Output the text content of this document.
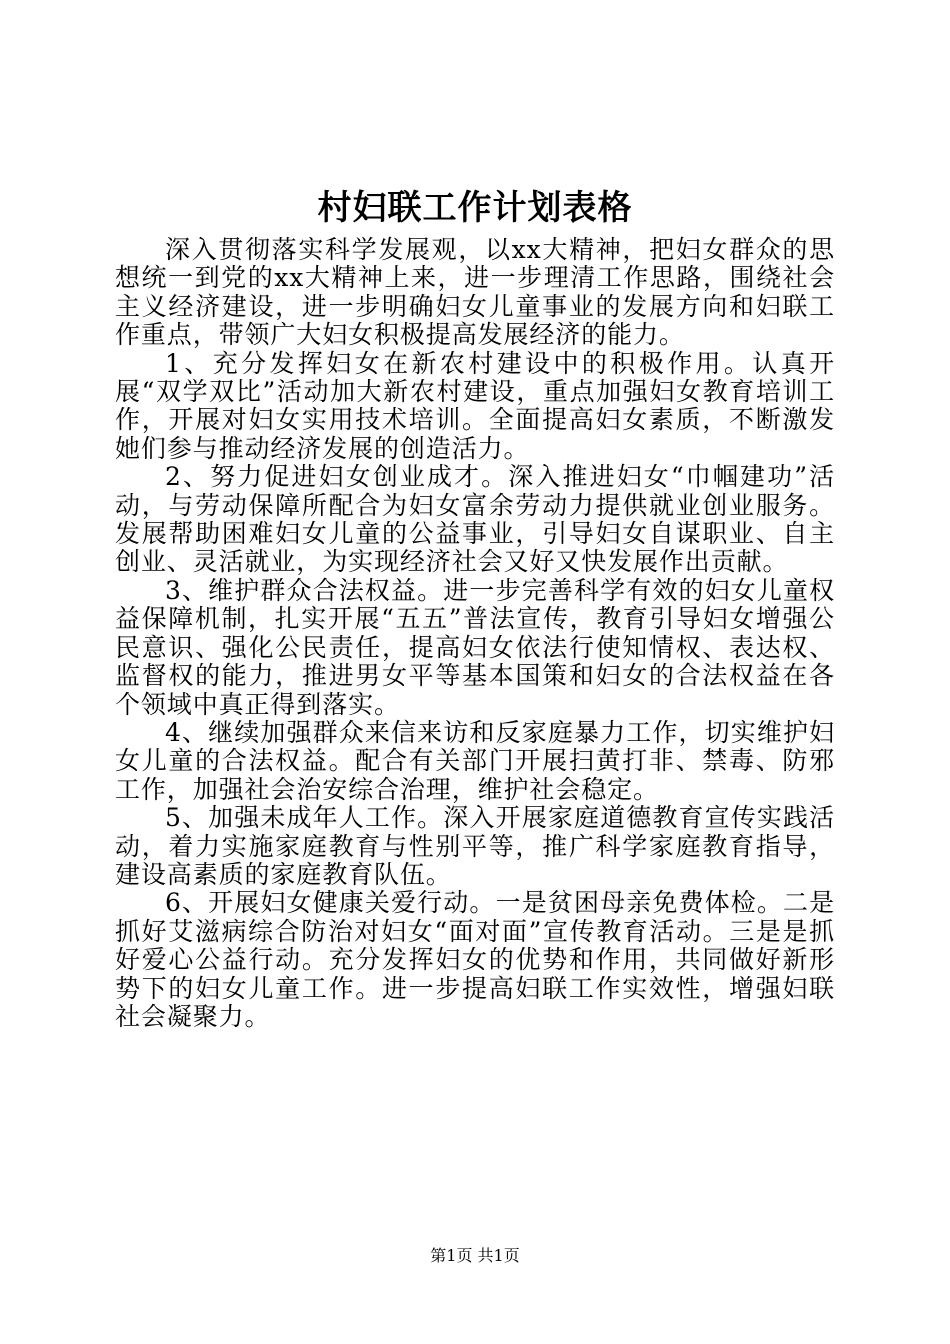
村妇联工作计划表格

深入贯彻落实科学发展观，以xx大精神，把妇女群众的思想统一到党的xx大精神上来，进一步理清工作思路，围绕社会主义经济建设，进一步明确妇女儿童事业的发展方向和妇联工作重点，带领广大妇女积极提高发展经济的能力。

1、充分发挥妇女在新农村建设中的积极作用。认真开展“双学双比”活动加大新农村建设，重点加强妇女教育培训工作，开展对妇女实用技术培训。全面提高妇女素质，不断激发她们参与推动经济发展的创造活力。

2、努力促进妇女创业成才。深入推进妇女“巾帼建功”活动，与劳动保障所配合为妇女富余劳动力提供就业创业服务。发展帮助困难妇女儿童的公益事业，引导妇女自谋职业、自主创业、灵活就业，为实现经济社会又好又快发展作出贡献。

3、维护群众合法权益。进一步完善科学有效的妇女儿童权益保障机制，扎实开展“五五”普法宣传，教育引导妇女增强公民意识、强化公民责任，提高妇女依法行使知情权、表达权、监督权的能力，推进男女平等基本国策和妇女的合法权益在各个领域中真正得到落实。

4、继续加强群众来信来访和反家庭暴力工作，切实维护妇女儿童的合法权益。配合有关部门开展扫黄打非、禁毒、防邪工作，加强社会治安综合治理，维护社会稳定。

5、加强未成年人工作。深入开展家庭道德教育宣传实践活动，着力实施家庭教育与性别平等，推广科学家庭教育指导，建设高素质的家庭教育队伍。

6、开展妇女健康关爱行动。一是贫困母亲免费体检。二是抓好艾滋病综合防治对妇女“面对面”宣传教育活动。三是是抓好爱心公益行动。充分发挥妇女的优势和作用，共同做好新形势下的妇女儿童工作。进一步提高妇联工作实效性，增强妇联社会凝聚力。

第1页 共1页
